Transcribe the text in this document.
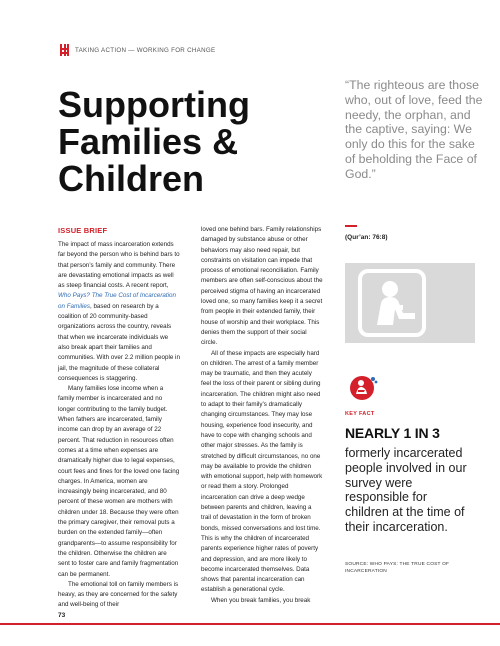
TAKING ACTION — WORKING FOR CHANGE
Supporting
Families &
Children
“The righteous are those who, out of love, feed the needy, the orphan, and the captive, saying: We only do this for the sake of beholding the Face of God.”
(Qur’an: 76:8)
ISSUE BRIEF

The impact of mass incarceration extends far beyond the person who is behind bars to that person’s family and community. There are devastating emotional impacts as well as steep financial costs. A recent report, Who Pays? The True Cost of Incarceration on Families, based on research by a coalition of 20 community-based organizations across the country, reveals that when we incarcerate individuals we also break apart their families and communities. With over 2.2 million people in jail, the magnitude of these collateral consequences is staggering.

Many families lose income when a family member is incarcerated and no longer contributing to the family budget. When fathers are incarcerated, family income can drop by an average of 22 percent. That reduction in resources often comes at a time when expenses are dramatically higher due to legal expenses, court fees and fines for the loved one facing charges. In America, women are increasingly being incarcerated, and 80 percent of these women are mothers with children under 18. Because they were often the primary caregiver, their removal puts a burden on the extended family—often grandparents—to assume responsibility for the children. Otherwise the children are sent to foster care and family fragmentation can be permanent.

The emotional toll on family members is heavy, as they are concerned for the safety and well-being of their

loved one behind bars. Family relationships damaged by substance abuse or other behaviors may also need repair, but constraints on visitation can impede that process of emotional reconciliation. Family members are often self-conscious about the perceived stigma of having an incarcerated loved one, so many families keep it a secret from people in their extended family, their house of worship and their workplace. This denies them the support of their social circle.

All of these impacts are especially hard on children. The arrest of a family member may be traumatic, and then they acutely feel the loss of their parent or sibling during incarceration. The children might also need to adapt to their family’s dramatically changing circumstances. They may lose housing, experience food insecurity, and have to cope with changing schools and other major stresses. As the family is stretched by difficult circumstances, no one may be available to provide the children with emotional support, help with homework or read them a story. Prolonged incarceration can drive a deep wedge between parents and children, leaving a trail of devastation in the form of broken bonds, missed conversations and lost time. This is why the children of incarcerated parents experience higher rates of poverty and depression, and are more likely to become incarcerated themselves. Data shows that parental incarceration can establish a generational cycle.

When you break families, you break

KEY FACT
NEARLY 1 IN 3
formerly incarcerated people involved in our survey were responsible for children at the time of their incarceration.
SOURCE: WHO PAYS: THE TRUE COST OF INCARCERATION
73
